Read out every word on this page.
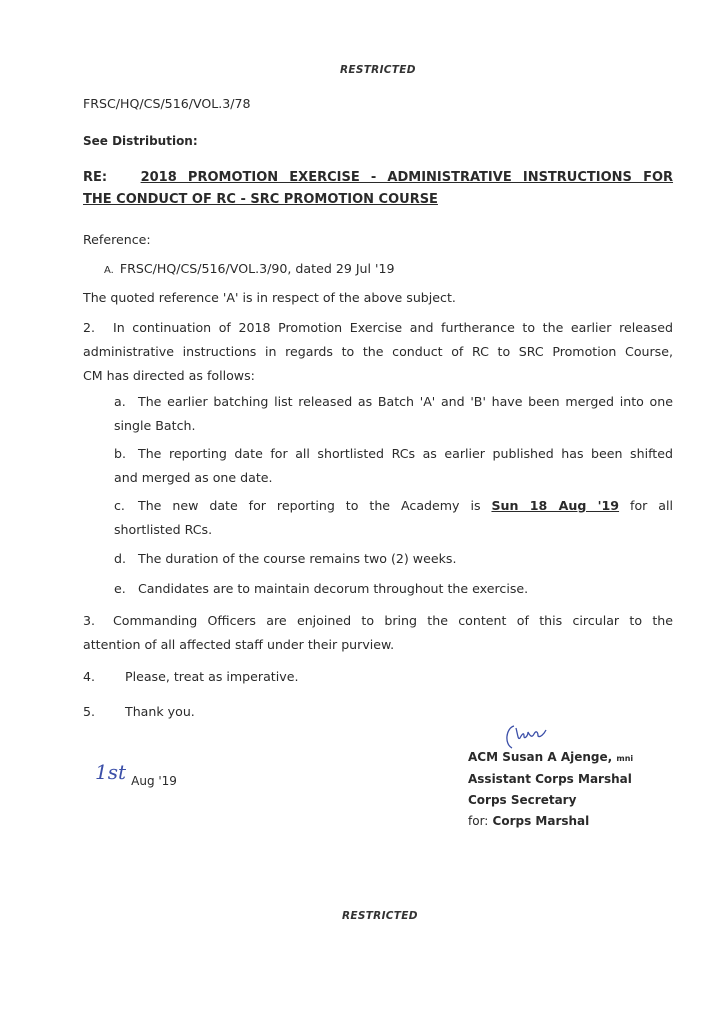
RESTRICTED
FRSC/HQ/CS/516/VOL.3/78
See Distribution:
RE:	2018 PROMOTION EXERCISE - ADMINISTRATIVE INSTRUCTIONS FOR
THE CONDUCT OF RC - SRC PROMOTION COURSE
Reference:
A. FRSC/HQ/CS/516/VOL.3/90, dated 29 Jul '19
The quoted reference 'A' is in respect of the above subject.
2. In continuation of 2018 Promotion Exercise and furtherance to the earlier released
administrative instructions in regards to the conduct of RC to SRC Promotion Course,
CM has directed as follows:
a. The earlier batching list released as Batch 'A' and 'B' have been merged into one
single Batch.
b. The reporting date for all shortlisted RCs as earlier published has been shifted
and merged as one date.
c. The new date for reporting to the Academy is Sun 18 Aug '19 for all
shortlisted RCs.
d. The duration of the course remains two (2) weeks.
e. Candidates are to maintain decorum throughout the exercise.
3. Commanding Officers are enjoined to bring the content of this circular to the
attention of all affected staff under their purview.
4. Please, treat as imperative.
5. Thank you.
1st $_{Aug '19}$
ACM Susan A Ajenge, mni
Assistant Corps Marshal
Corps Secretary
for: Corps Marshal
RESTRICTED
